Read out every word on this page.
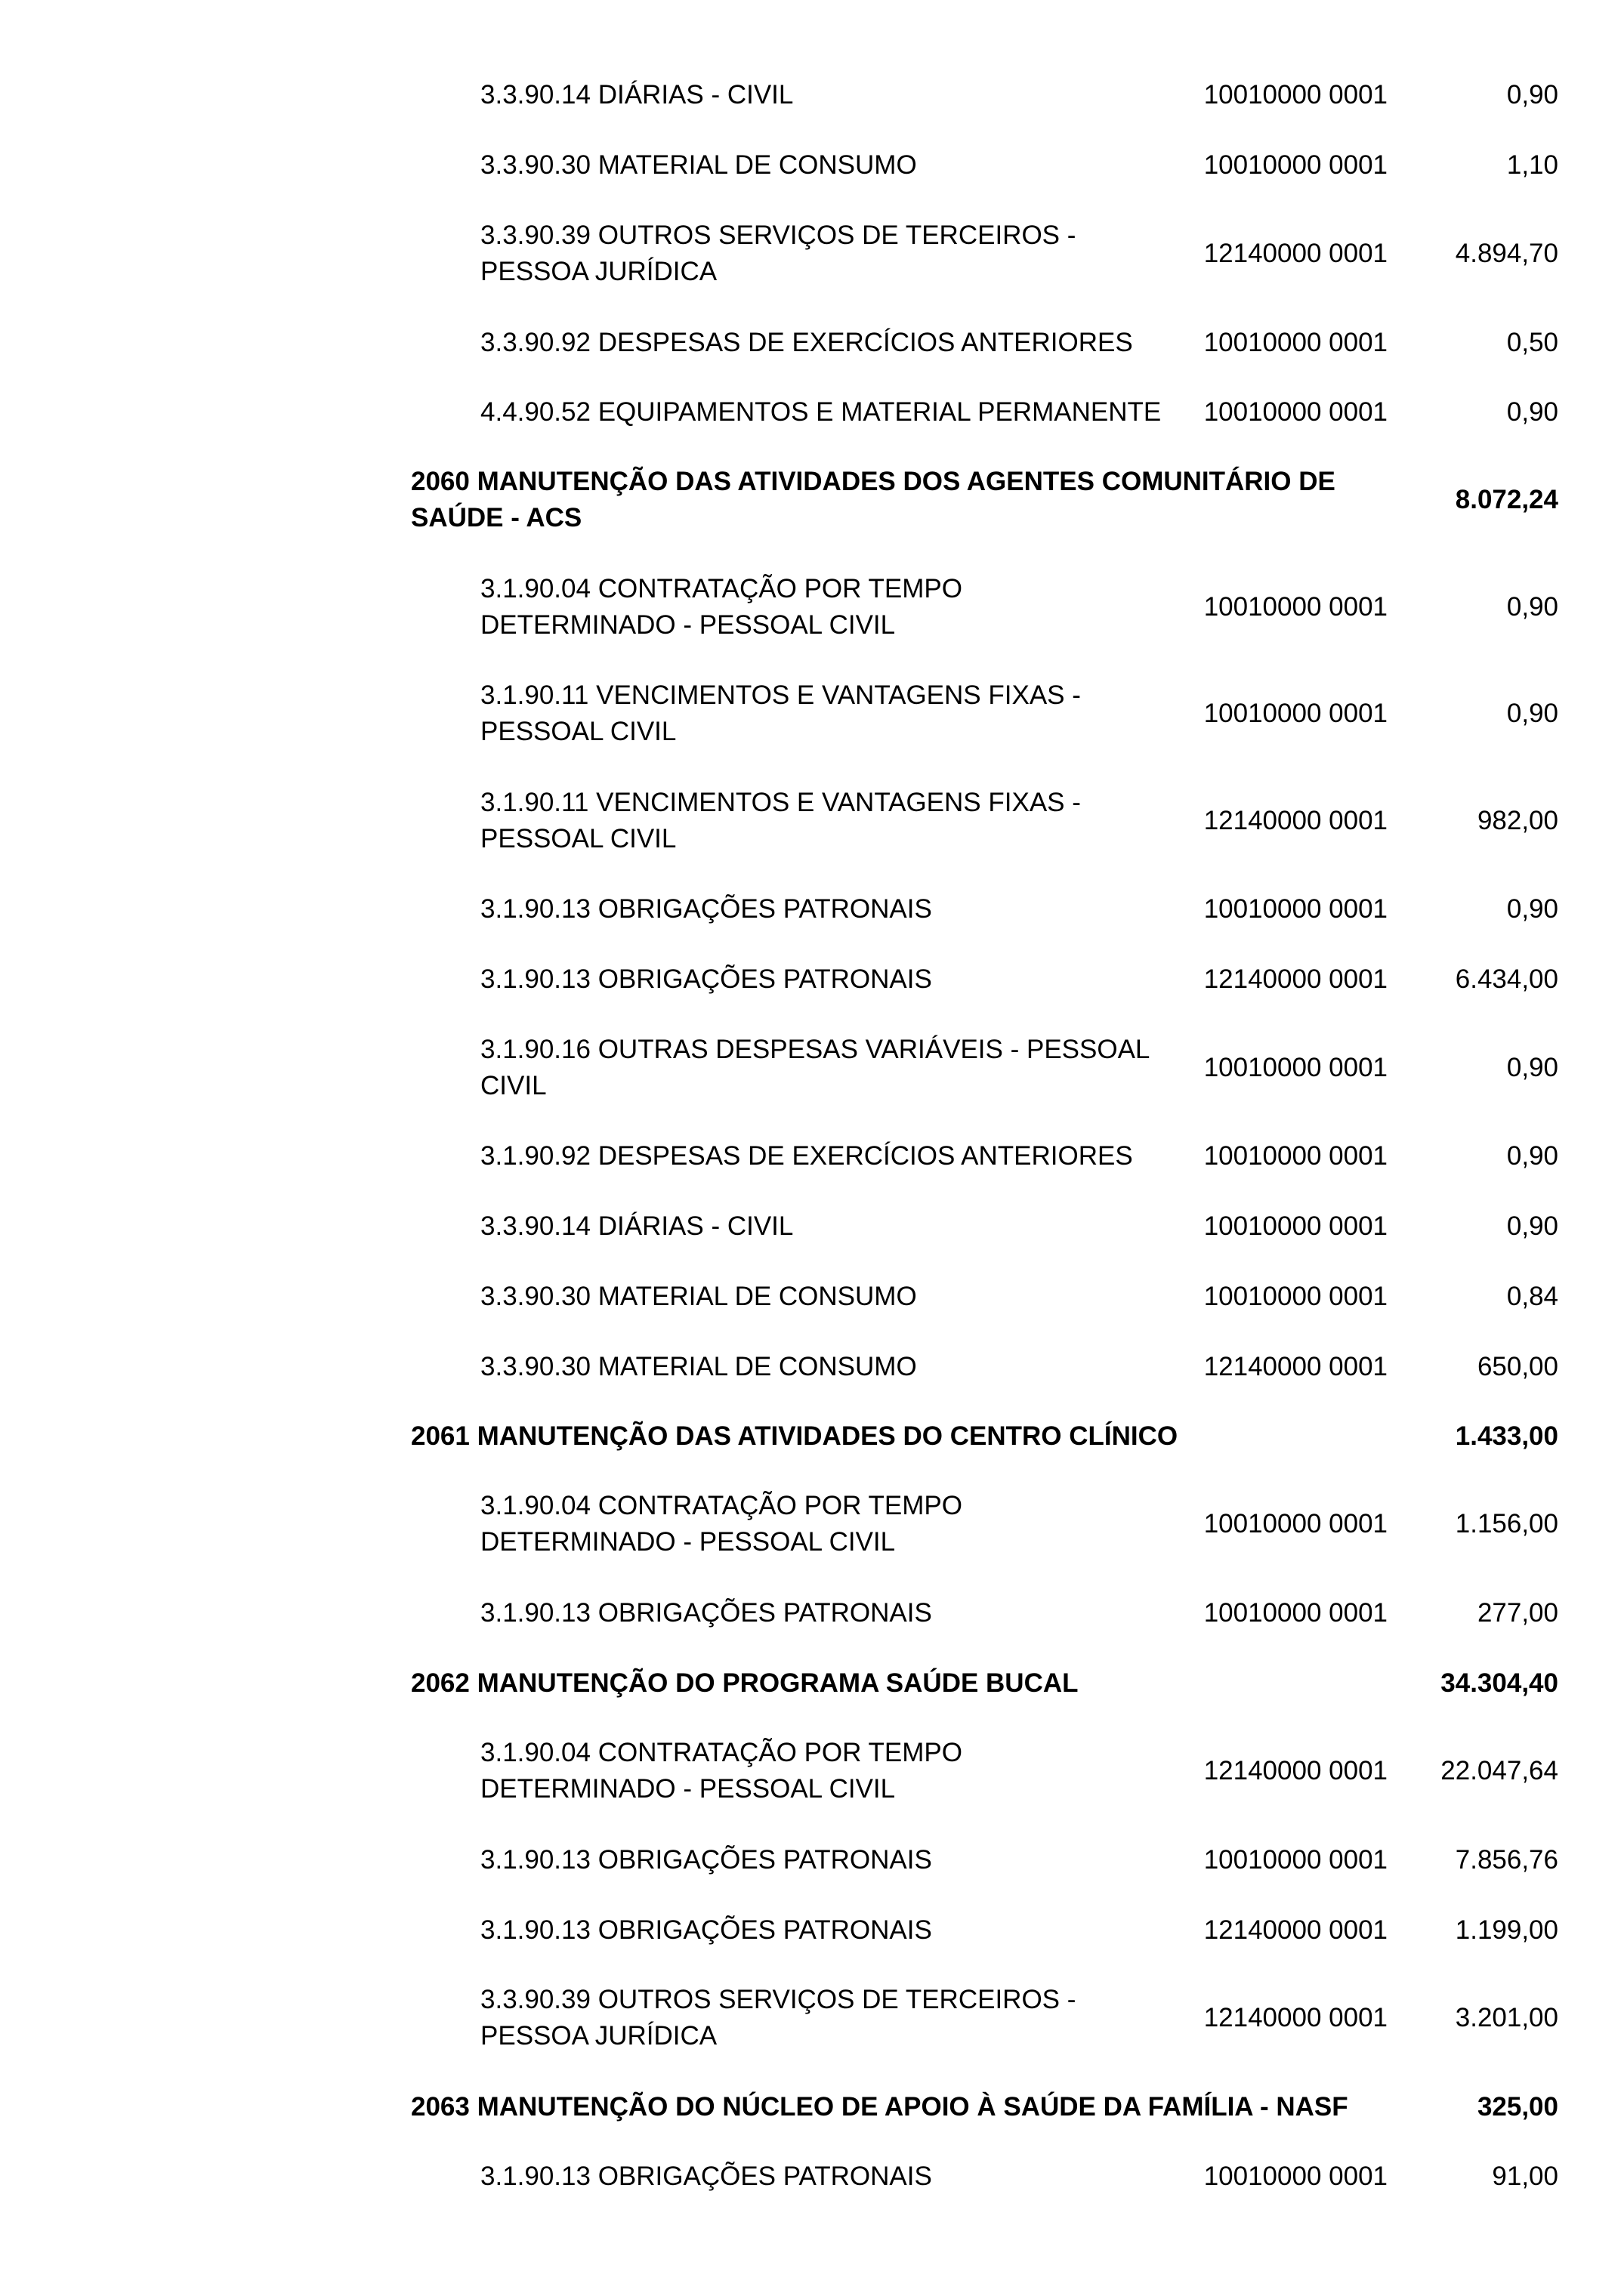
3.3.90.14 DIÁRIAS - CIVIL	10010000 0001	0,90
3.3.90.30 MATERIAL DE CONSUMO	10010000 0001	1,10
3.3.90.39 OUTROS SERVIÇOS DE TERCEIROS -
PESSOA JURÍDICA
12140000 0001	4.894,70
3.3.90.92 DESPESAS DE EXERCÍCIOS ANTERIORES	10010000 0001	0,50
4.4.90.52 EQUIPAMENTOS E MATERIAL PERMANENTE	10010000 0001	0,90
2060 MANUTENÇÃO DAS ATIVIDADES DOS AGENTES COMUNITÁRIO DE
SAÚDE - ACS
8.072,24
3.1.90.04 CONTRATAÇÃO POR TEMPO
DETERMINADO - PESSOAL CIVIL
10010000 0001	0,90
3.1.90.11 VENCIMENTOS E VANTAGENS FIXAS -
PESSOAL CIVIL
10010000 0001	0,90
3.1.90.11 VENCIMENTOS E VANTAGENS FIXAS -
PESSOAL CIVIL
12140000 0001	982,00
3.1.90.13 OBRIGAÇÕES PATRONAIS	10010000 0001	0,90
3.1.90.13 OBRIGAÇÕES PATRONAIS	12140000 0001	6.434,00
3.1.90.16 OUTRAS DESPESAS VARIÁVEIS - PESSOAL
CIVIL
10010000 0001	0,90
3.1.90.92 DESPESAS DE EXERCÍCIOS ANTERIORES	10010000 0001	0,90
3.3.90.14 DIÁRIAS - CIVIL	10010000 0001	0,90
3.3.90.30 MATERIAL DE CONSUMO	10010000 0001	0,84
3.3.90.30 MATERIAL DE CONSUMO	12140000 0001	650,00
2061 MANUTENÇÃO DAS ATIVIDADES DO CENTRO CLÍNICO	1.433,00
3.1.90.04 CONTRATAÇÃO POR TEMPO
DETERMINADO - PESSOAL CIVIL
10010000 0001	1.156,00
3.1.90.13 OBRIGAÇÕES PATRONAIS	10010000 0001	277,00
2062 MANUTENÇÃO DO PROGRAMA SAÚDE BUCAL	34.304,40
3.1.90.04 CONTRATAÇÃO POR TEMPO
DETERMINADO - PESSOAL CIVIL
12140000 0001	22.047,64
3.1.90.13 OBRIGAÇÕES PATRONAIS	10010000 0001	7.856,76
3.1.90.13 OBRIGAÇÕES PATRONAIS	12140000 0001	1.199,00
3.3.90.39 OUTROS SERVIÇOS DE TERCEIROS -
PESSOA JURÍDICA
12140000 0001	3.201,00
2063 MANUTENÇÃO DO NÚCLEO DE APOIO À SAÚDE DA FAMÍLIA - NASF	325,00
3.1.90.13 OBRIGAÇÕES PATRONAIS	10010000 0001	91,00
